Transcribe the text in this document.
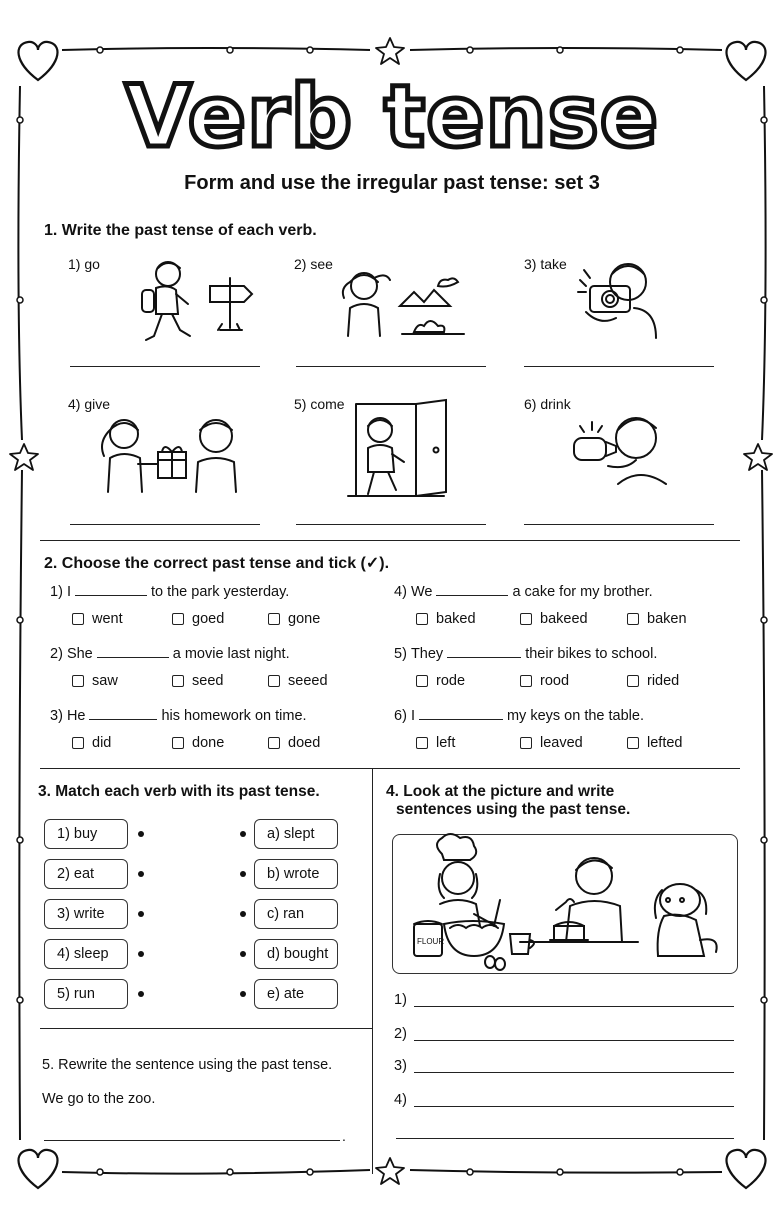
Verb tense
Form and use the irregular past tense: set 3
1. Write the past tense of each verb.
1) go	2) see	3) take
4) give	5) come	6) drink
2. Choose the correct past tense and tick (✓).
1) I	to the park yesterday.
went	goed	gone
2) She	a movie last night.
saw	seed	seeed
3) He	his homework on time.
did	done	doed
4) We	a cake for my brother.
baked	bakeed	baken
5) They	their bikes to school.
rode	rood	rided
6) I	my keys on the table.
left	leaved	lefted
3. Match each verb with its past tense.
1) buy
2) eat
3) write
4) sleep
5) run
a) slept
b) wrote
c) ran
d) bought
e) ate
5. Rewrite the sentence using the past tense.
We go to the zoo.
.
4. Look at the picture and write
sentences using the past tense.
FLOUR
1)
2)
3)
4)
